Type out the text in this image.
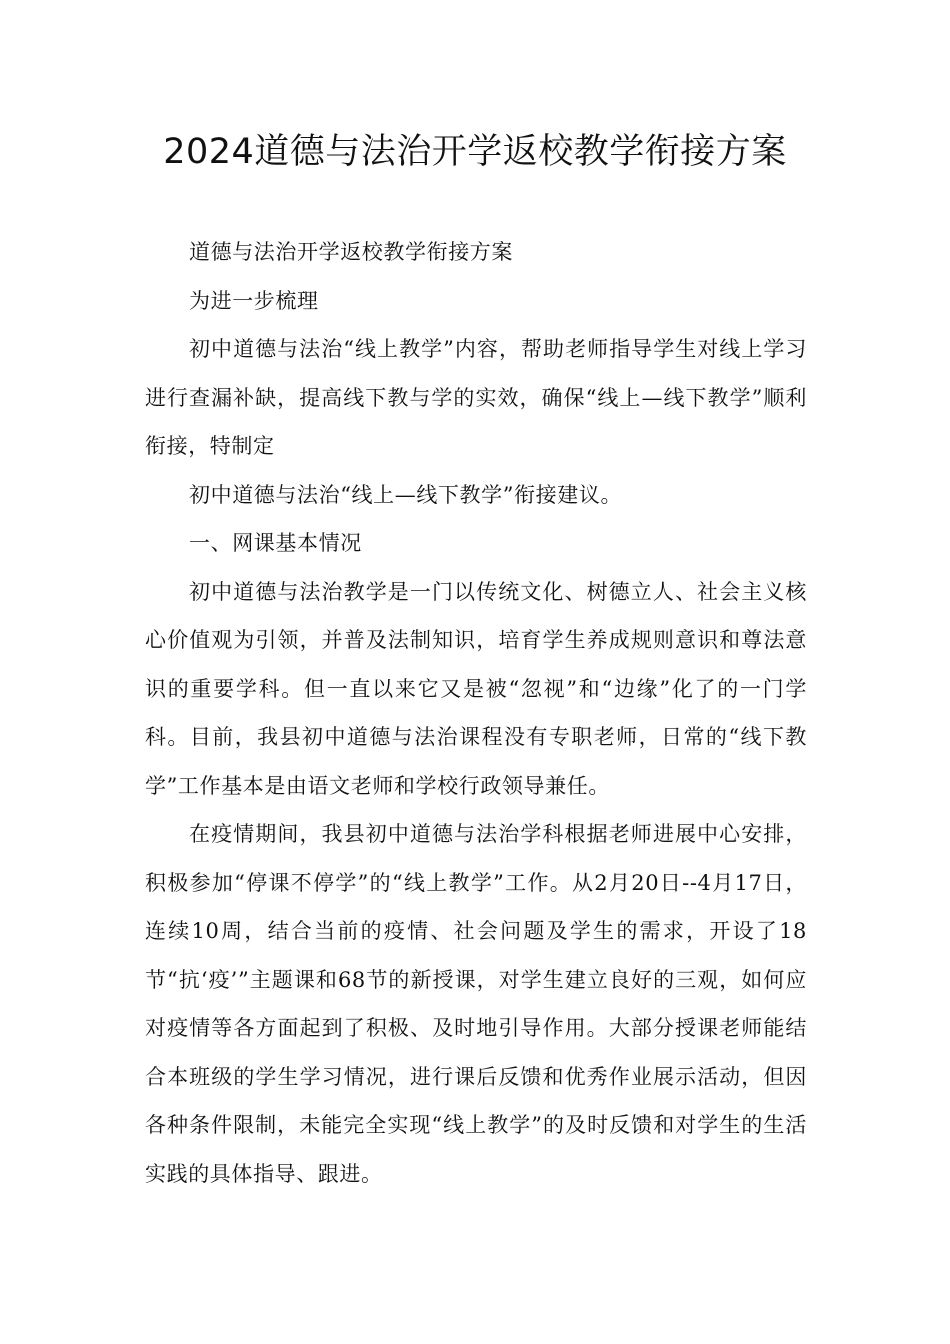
2024道德与法治开学返校教学衔接方案

道德与法治开学返校教学衔接方案

为进一步梳理

初中道德与法治“线上教学”内容，帮助老师指导学生对线上学习进行查漏补缺，提高线下教与学的实效，确保“线上—线下教学”顺利衔接，特制定

初中道德与法治“线上—线下教学”衔接建议。

一、网课基本情况

初中道德与法治教学是一门以传统文化、树德立人、社会主义核心价值观为引领，并普及法制知识，培育学生养成规则意识和尊法意识的重要学科。但一直以来它又是被“忽视”和“边缘”化了的一门学科。目前，我县初中道德与法治课程没有专职老师，日常的“线下教学”工作基本是由语文老师和学校行政领导兼任。

在疫情期间，我县初中道德与法治学科根据老师进展中心安排，积极参加“停课不停学”的“线上教学”工作。从2月20日--4月17日，连续10周，结合当前的疫情、社会问题及学生的需求，开设了18节“抗‘疫’”主题课和68节的新授课，对学生建立良好的三观，如何应对疫情等各方面起到了积极、及时地引导作用。大部分授课老师能结合本班级的学生学习情况，进行课后反馈和优秀作业展示活动，但因各种条件限制，未能完全实现“线上教学”的及时反馈和对学生的生活实践的具体指导、跟进。
